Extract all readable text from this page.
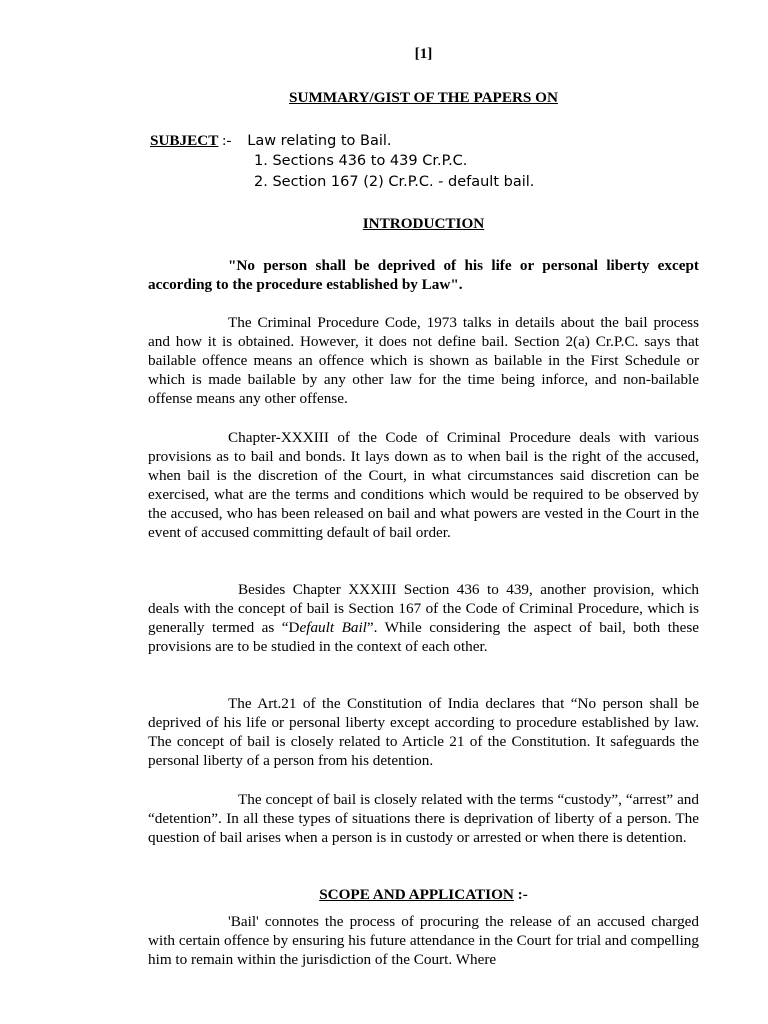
[1]
SUMMARY/GIST OF THE PAPERS ON
SUBJECT :- Law relating to Bail.
1. Sections 436 to 439 Cr.P.C.
2. Section 167 (2) Cr.P.C. - default bail.
INTRODUCTION

"No person shall be deprived of his life or personal liberty except according to the procedure established by Law".

The Criminal Procedure Code, 1973 talks in details about the bail process and how it is obtained. However, it does not define bail. Section 2(a) Cr.P.C. says that bailable offence means an offence which is shown as bailable in the First Schedule or which is made bailable by any other law for the time being inforce, and non-bailable offense means any other offense.

Chapter-XXXIII of the Code of Criminal Procedure deals with various provisions as to bail and bonds. It lays down as to when bail is the right of the accused, when bail is the discretion of the Court, in what circumstances said discretion can be exercised, what are the terms and conditions which would be required to be observed by the accused, who has been released on bail and what powers are vested in the Court in the event of accused committing default of bail order.

Besides Chapter XXXIII Section 436 to 439, another provision, which deals with the concept of bail is Section 167 of the Code of Criminal Procedure, which is generally termed as “Default Bail”. While considering the aspect of bail, both these provisions are to be studied in the context of each other.

The Art.21 of the Constitution of India declares that “No person shall be deprived of his life or personal liberty except according to procedure established by law. The concept of bail is closely related to Article 21 of the Constitution. It safeguards the personal liberty of a person from his detention.

The concept of bail is closely related with the terms “custody”, “arrest” and “detention”. In all these types of situations there is deprivation of liberty of a person. The question of bail arises when a person is in custody or arrested or when there is detention.

SCOPE AND APPLICATION :-

'Bail' connotes the process of procuring the release of an accused charged with certain offence by ensuring his future attendance in the Court for trial and compelling him to remain within the jurisdiction of the Court. Where
